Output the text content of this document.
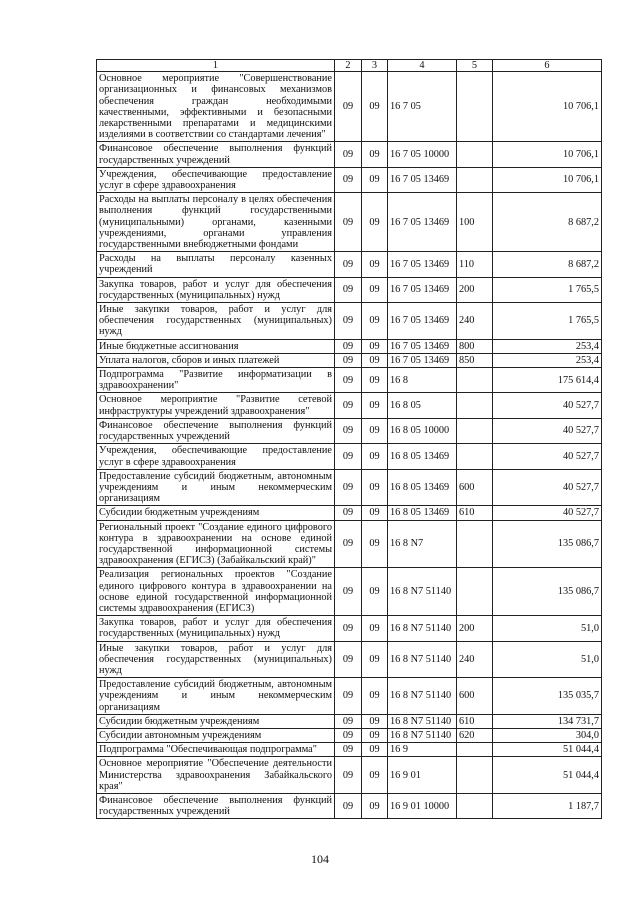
1	2	3	4	5	6
Основное мероприятие "Совершенствование организационных и финансовых механизмов обеспечения граждан необходимыми качественными, эффективными и безопасными лекарственными препаратами и медицинскими изделиями в соответствии со стандартами лечения"	09	09	16 7 05		10 706,1
Финансовое обеспечение выполнения функций государственных учреждений	09	09	16 7 05 10000		10 706,1
Учреждения, обеспечивающие предоставление услуг в сфере здравоохранения	09	09	16 7 05 13469		10 706,1
Расходы на выплаты персоналу в целях обеспечения выполнения функций государственными (муниципальными) органами, казенными учреждениями, органами управления государственными внебюджетными фондами	09	09	16 7 05 13469	100	8 687,2
Расходы на выплаты персоналу казенных учреждений	09	09	16 7 05 13469	110	8 687,2
Закупка товаров, работ и услуг для обеспечения государственных (муниципальных) нужд	09	09	16 7 05 13469	200	1 765,5
Иные закупки товаров, работ и услуг для обеспечения государственных (муниципальных) нужд	09	09	16 7 05 13469	240	1 765,5
Иные бюджетные ассигнования	09	09	16 7 05 13469	800	253,4
Уплата налогов, сборов и иных платежей	09	09	16 7 05 13469	850	253,4
Подпрограмма "Развитие информатизации в здравоохранении"	09	09	16 8		175 614,4
Основное мероприятие "Развитие сетевой инфраструктуры учреждений здравоохранения"	09	09	16 8 05		40 527,7
Финансовое обеспечение выполнения функций государственных учреждений	09	09	16 8 05 10000		40 527,7
Учреждения, обеспечивающие предоставление услуг в сфере здравоохранения	09	09	16 8 05 13469		40 527,7
Предоставление субсидий бюджетным, автономным учреждениям и иным некоммерческим организациям	09	09	16 8 05 13469	600	40 527,7
Субсидии бюджетным учреждениям	09	09	16 8 05 13469	610	40 527,7
Региональный проект "Создание единого цифрового контура в здравоохранении на основе единой государственной информационной системы здравоохранения (ЕГИСЗ) (Забайкальский край)"	09	09	16 8 N7		135 086,7
Реализация региональных проектов "Создание единого цифрового контура в здравоохранении на основе единой государственной информационной системы здравоохранения (ЕГИСЗ)	09	09	16 8 N7 51140		135 086,7
Закупка товаров, работ и услуг для обеспечения государственных (муниципальных) нужд	09	09	16 8 N7 51140	200	51,0
Иные закупки товаров, работ и услуг для обеспечения государственных (муниципальных) нужд	09	09	16 8 N7 51140	240	51,0
Предоставление субсидий бюджетным, автономным учреждениям и иным некоммерческим организациям	09	09	16 8 N7 51140	600	135 035,7
Субсидии бюджетным учреждениям	09	09	16 8 N7 51140	610	134 731,7
Субсидии автономным учреждениям	09	09	16 8 N7 51140	620	304,0
Подпрограмма "Обеспечивающая подпрограмма"	09	09	16 9		51 044,4
Основное мероприятие "Обеспечение деятельности Министерства здравоохранения Забайкальского края"	09	09	16 9 01		51 044,4
Финансовое обеспечение выполнения функций государственных учреждений	09	09	16 9 01 10000		1 187,7
104
